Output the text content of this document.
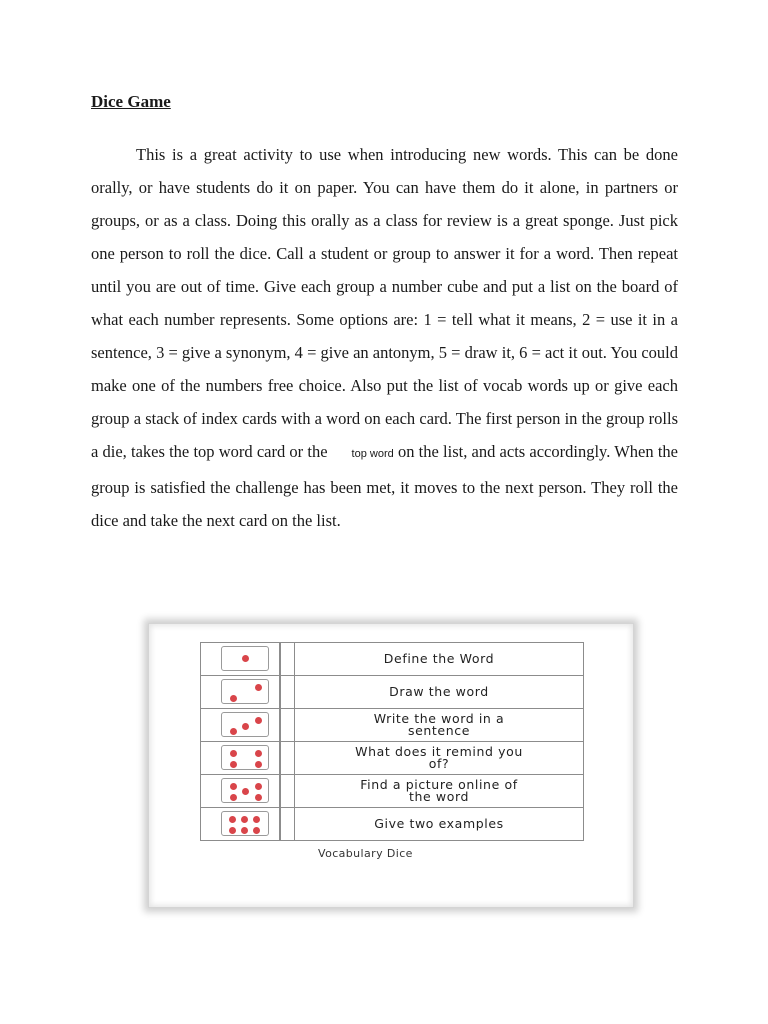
Dice Game

This is a great activity to use when introducing new words. This can be done orally, or have students do it on paper. You can have them do it alone, in partners or groups, or as a class. Doing this orally as a class for review is a great sponge. Just pick one person to roll the dice. Call a student or group to answer it for a word. Then repeat until you are out of time. Give each group a number cube and put a list on the board of what each number represents. Some options are: 1 = tell what it means, 2 = use it in a sentence, 3 = give a synonym, 4 = give an antonym, 5 = draw it, 6 = act it out. You could make one of the numbers free choice. Also put the list of vocab words up or give each group a stack of index cards with a word on each card. The first person in the group rolls a die, takes the top word card or the top word on the list, and acts accordingly. When the group is satisfied the challenge has been met, it moves to the next person. They roll the dice and take the next card on the list.

	Define the Word

	Draw the word

	Write the word in a
sentence

	What does it remind you
of?

	Find a picture online of
the word

	Give two examples

Vocabulary Dice
